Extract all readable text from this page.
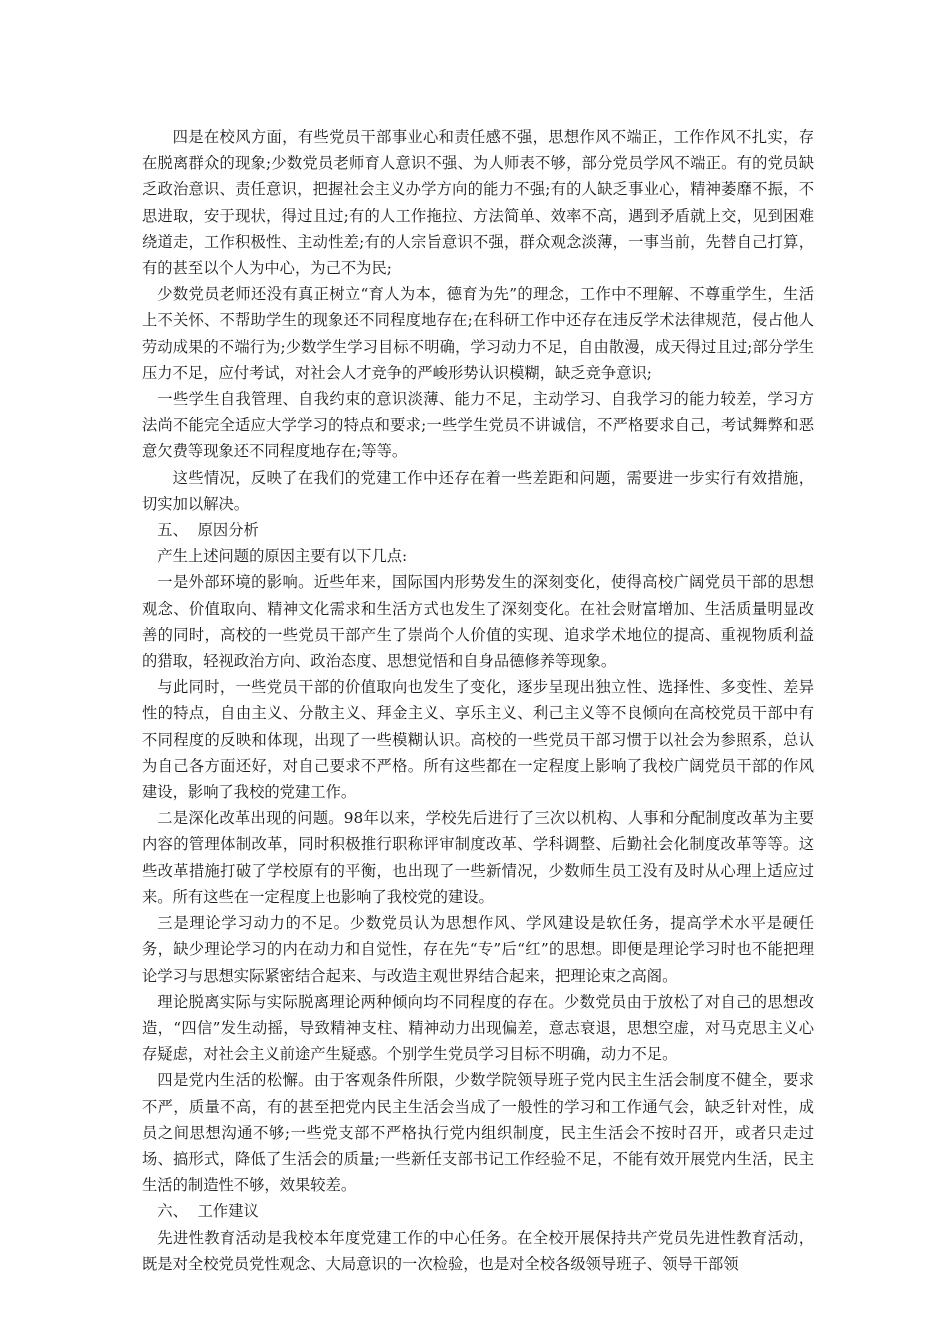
四是在校风方面，有些党员干部事业心和责任感不强，思想作风不端正，工作作风不扎实，存在脱离群众的现象;少数党员老师育人意识不强、为人师表不够，部分党员学风不端正。有的党员缺乏政治意识、责任意识，把握社会主义办学方向的能力不强;有的人缺乏事业心，精神萎靡不振，不思进取，安于现状，得过且过;有的人工作拖拉、方法简单、效率不高，遇到矛盾就上交，见到困难绕道走，工作积极性、主动性差;有的人宗旨意识不强，群众观念淡薄，一事当前，先替自己打算，有的甚至以个人为中心，为己不为民;

少数党员老师还没有真正树立“育人为本，德育为先”的理念，工作中不理解、不尊重学生，生活上不关怀、不帮助学生的现象还不同程度地存在;在科研工作中还存在违反学术法律规范，侵占他人劳动成果的不端行为;少数学生学习目标不明确，学习动力不足，自由散漫，成天得过且过;部分学生压力不足，应付考试，对社会人才竞争的严峻形势认识模糊，缺乏竞争意识;

一些学生自我管理、自我约束的意识淡薄、能力不足，主动学习、自我学习的能力较差，学习方法尚不能完全适应大学学习的特点和要求;一些学生党员不讲诚信，不严格要求自己，考试舞弊和恶意欠费等现象还不同程度地存在;等等。

这些情况，反映了在我们的党建工作中还存在着一些差距和问题，需要进一步实行有效措施，切实加以解决。

五、  原因分析

产生上述问题的原因主要有以下几点:

一是外部环境的影响。近些年来，国际国内形势发生的深刻变化，使得高校广阔党员干部的思想观念、价值取向、精神文化需求和生活方式也发生了深刻变化。在社会财富增加、生活质量明显改善的同时，高校的一些党员干部产生了崇尚个人价值的实现、追求学术地位的提高、重视物质利益的猎取，轻视政治方向、政治态度、思想觉悟和自身品德修养等现象。

与此同时，一些党员干部的价值取向也发生了变化，逐步呈现出独立性、选择性、多变性、差异性的特点，自由主义、分散主义、拜金主义、享乐主义、利己主义等不良倾向在高校党员干部中有不同程度的反映和体现，出现了一些模糊认识。高校的一些党员干部习惯于以社会为参照系，总认为自己各方面还好，对自己要求不严格。所有这些都在一定程度上影响了我校广阔党员干部的作风建设，影响了我校的党建工作。

二是深化改革出现的问题。98年以来，学校先后进行了三次以机构、人事和分配制度改革为主要内容的管理体制改革，同时积极推行职称评审制度改革、学科调整、后勤社会化制度改革等等。这些改革措施打破了学校原有的平衡，也出现了一些新情况，少数师生员工没有及时从心理上适应过来。所有这些在一定程度上也影响了我校党的建设。

三是理论学习动力的不足。少数党员认为思想作风、学风建设是软任务，提高学术水平是硬任务，缺少理论学习的内在动力和自觉性，存在先“专”后“红”的思想。即便是理论学习时也不能把理论学习与思想实际紧密结合起来、与改造主观世界结合起来，把理论束之高阁。

理论脱离实际与实际脱离理论两种倾向均不同程度的存在。少数党员由于放松了对自己的思想改造，“四信”发生动摇，导致精神支柱、精神动力出现偏差，意志衰退，思想空虚，对马克思主义心存疑虑，对社会主义前途产生疑惑。个别学生党员学习目标不明确，动力不足。

四是党内生活的松懈。由于客观条件所限，少数学院领导班子党内民主生活会制度不健全，要求不严，质量不高，有的甚至把党内民主生活会当成了一般性的学习和工作通气会，缺乏针对性，成员之间思想沟通不够;一些党支部不严格执行党内组织制度，民主生活会不按时召开，或者只走过场、搞形式，降低了生活会的质量;一些新任支部书记工作经验不足，不能有效开展党内生活，民主生活的制造性不够，效果较差。

六、  工作建议

先进性教育活动是我校本年度党建工作的中心任务。在全校开展保持共产党员先进性教育活动，既是对全校党员党性观念、大局意识的一次检验，也是对全校各级领导班子、领导干部领
